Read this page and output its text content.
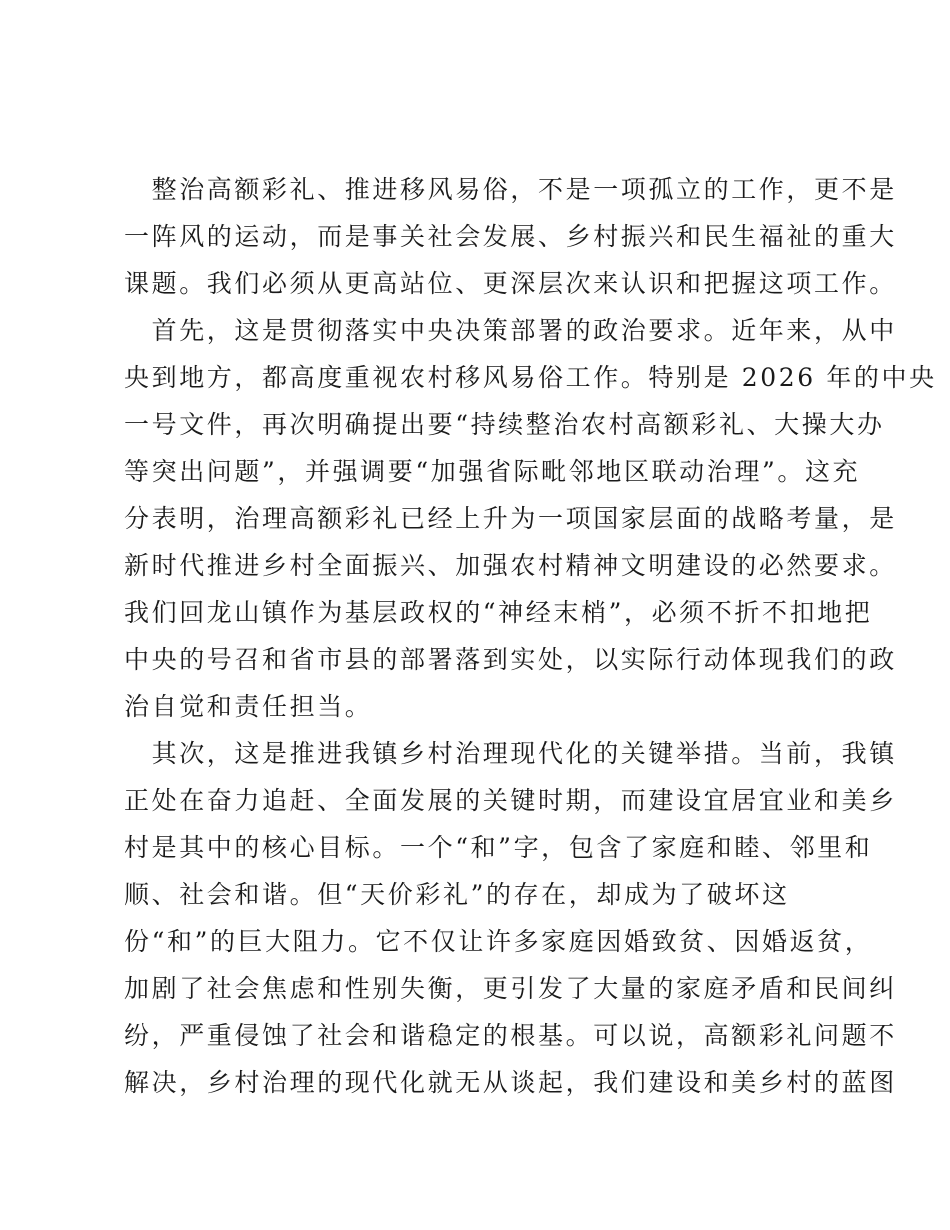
　整治高额彩礼、推进移风易俗，不是一项孤立的工作，更不是
一阵风的运动，而是事关社会发展、乡村振兴和民生福祉的重大
课题。我们必须从更高站位、更深层次来认识和把握这项工作。
　首先，这是贯彻落实中央决策部署的政治要求。近年来，从中
央到地方，都高度重视农村移风易俗工作。特别是 2026 年的中央
一号文件，再次明确提出要“持续整治农村高额彩礼、大操大办
等突出问题”，并强调要“加强省际毗邻地区联动治理”。这充
分表明，治理高额彩礼已经上升为一项国家层面的战略考量，是
新时代推进乡村全面振兴、加强农村精神文明建设的必然要求。
我们回龙山镇作为基层政权的“神经末梢”，必须不折不扣地把
中央的号召和省市县的部署落到实处，以实际行动体现我们的政
治自觉和责任担当。
　其次，这是推进我镇乡村治理现代化的关键举措。当前，我镇
正处在奋力追赶、全面发展的关键时期，而建设宜居宜业和美乡
村是其中的核心目标。一个“和”字，包含了家庭和睦、邻里和
顺、社会和谐。但“天价彩礼”的存在，却成为了破坏这
份“和”的巨大阻力。它不仅让许多家庭因婚致贫、因婚返贫，
加剧了社会焦虑和性别失衡，更引发了大量的家庭矛盾和民间纠
纷，严重侵蚀了社会和谐稳定的根基。可以说，高额彩礼问题不
解决，乡村治理的现代化就无从谈起，我们建设和美乡村的蓝图
